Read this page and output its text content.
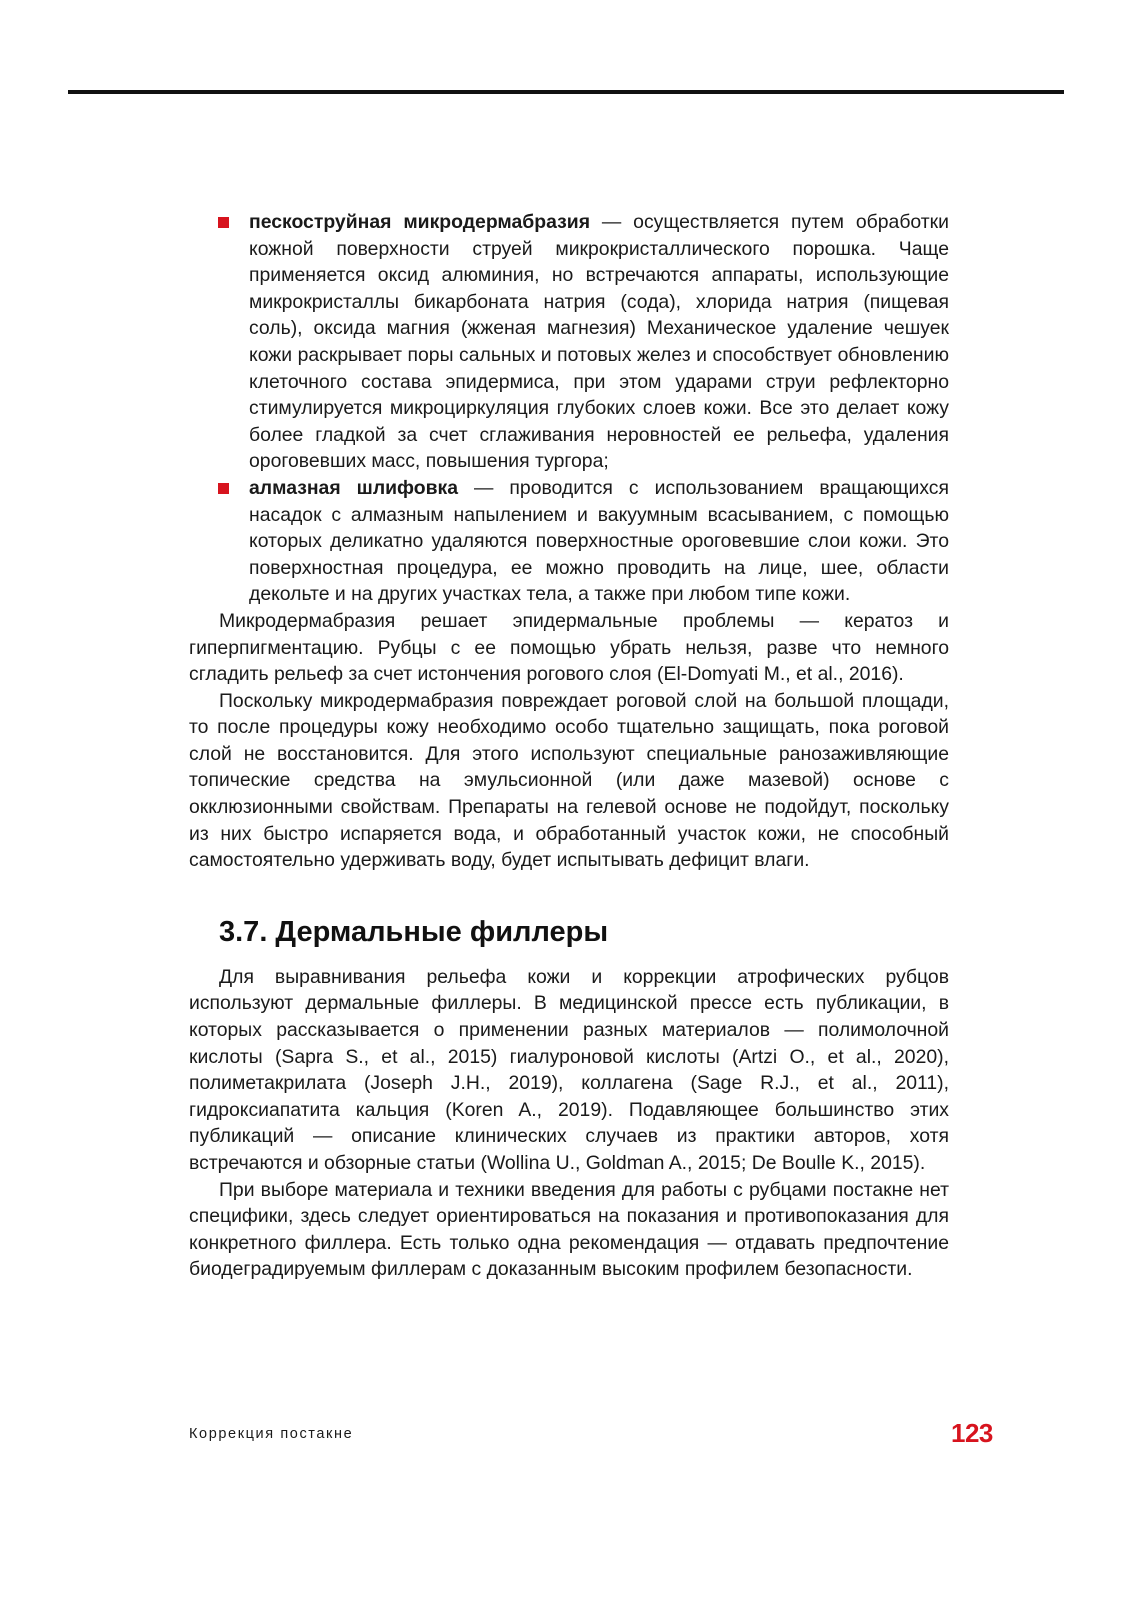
пескоструйная микродермабразия — осуществляется путем обработки кожной поверхности струей микрокристаллического порошка. Чаще применяется оксид алюминия, но встречаются аппараты, использующие микрокристаллы бикарбоната натрия (сода), хлорида натрия (пищевая соль), оксида магния (жженая магнезия) Механическое удаление чешуек кожи раскрывает поры сальных и потовых желез и способствует обновлению клеточного состава эпидермиса, при этом ударами струи рефлекторно стимулируется микроциркуляция глубоких слоев кожи. Все это делает кожу более гладкой за счет сглаживания неровностей ее рельефа, удаления ороговевших масс, повышения тургора;
алмазная шлифовка — проводится с использованием вращающихся насадок с алмазным напылением и вакуумным всасыванием, с помощью которых деликатно удаляются поверхностные ороговевшие слои кожи. Это поверхностная процедура, ее можно проводить на лице, шее, области декольте и на других участках тела, а также при любом типе кожи.

Микродермабразия решает эпидермальные проблемы — кератоз и гиперпигментацию. Рубцы с ее помощью убрать нельзя, разве что немного сгладить рельеф за счет истончения рогового слоя (El-Domyati M., et al., 2016).

Поскольку микродермабразия повреждает роговой слой на большой площади, то после процедуры кожу необходимо особо тщательно защищать, пока роговой слой не восстановится. Для этого используют специальные ранозаживляющие топические средства на эмульсионной (или даже мазевой) основе с окклюзионными свойствам. Препараты на гелевой основе не подойдут, поскольку из них быстро испаряется вода, и обработанный участок кожи, не способный самостоятельно удерживать воду, будет испытывать дефицит влаги.

3.7. Дермальные филлеры

Для выравнивания рельефа кожи и коррекции атрофических рубцов используют дермальные филлеры. В медицинской прессе есть публикации, в которых рассказывается о применении разных материалов — полимолочной кислоты (Sapra S., et al., 2015) гиалуроновой кислоты (Artzi O., et al., 2020), полиметакрилата (Joseph J.H., 2019), коллагена (Sage R.J., et al., 2011), гидроксиапатита кальция (Koren A., 2019). Подавляющее большинство этих публикаций — описание клинических случаев из практики авторов, хотя встречаются и обзорные статьи (Wollina U., Goldman A., 2015; De Boulle K., 2015).

При выборе материала и техники введения для работы с рубцами постакне нет специфики, здесь следует ориентироваться на показания и противопоказания для конкретного филлера. Есть только одна рекомендация — отдавать предпочтение биодеградируемым филлерам с доказанным высоким профилем безопасности.

Коррекция постакне	123
